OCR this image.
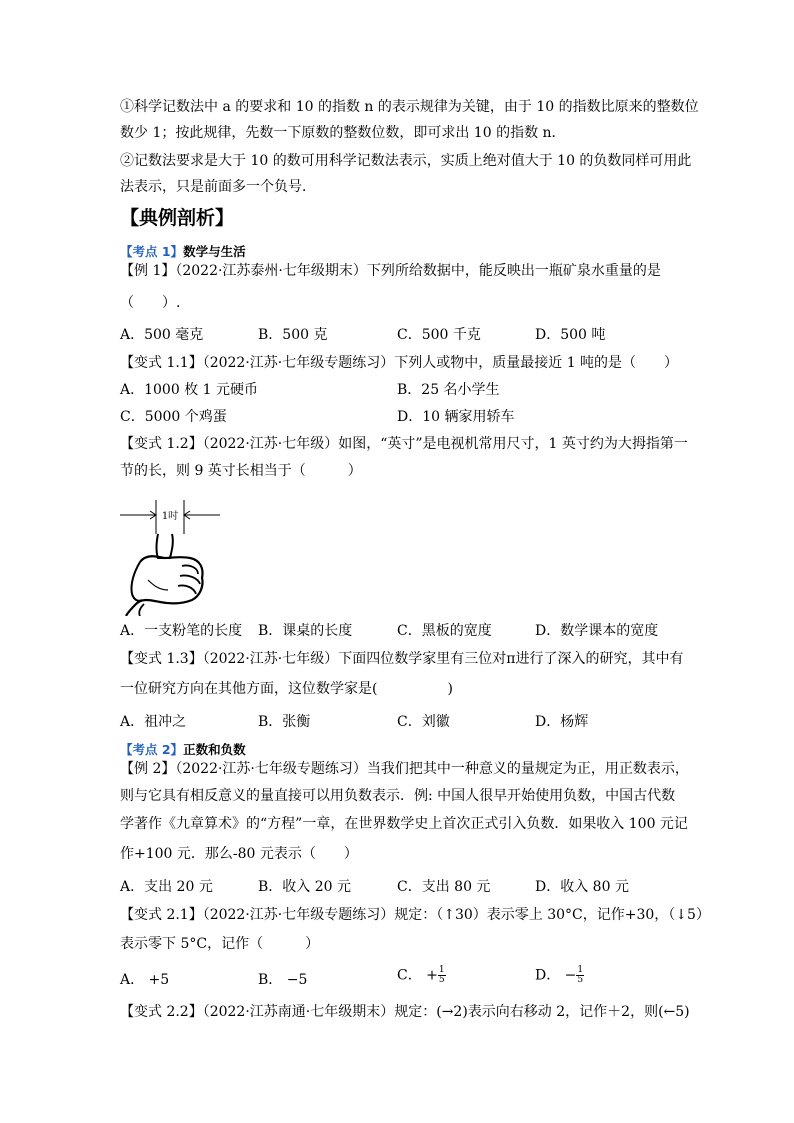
①科学记数法中 a 的要求和 10 的指数 n 的表示规律为关键，由于 10 的指数比原来的整数位
数少 1；按此规律，先数一下原数的整数位数，即可求出 10 的指数 n．
②记数法要求是大于 10 的数可用科学记数法表示，实质上绝对值大于 10 的负数同样可用此
法表示，只是前面多一个负号．
【典例剖析】
【考点 1】数学与生活
【例 1】（2022·江苏泰州·七年级期末）下列所给数据中，能反映出一瓶矿泉水重量的是
（　　）.
A．500 毫克	B．500 克	C．500 千克	D．500 吨
【变式 1.1】（2022·江苏·七年级专题练习）下列人或物中，质量最接近 1 吨的是（　　）
A．1000 枚 1 元硬币	B．25 名小学生
C．5000 个鸡蛋	D．10 辆家用轿车
【变式 1.2】（2022·江苏·七年级）如图，“英寸”是电视机常用尺寸，1 英寸约为大拇指第一
节的长，则 9 英寸长相当于（　　　）
1吋
A．一支粉笔的长度 B．课桌的长度	C．黑板的宽度	D．数学课本的宽度
【变式 1.3】（2022·江苏·七年级）下面四位数学家里有三位对π进行了深入的研究，其中有
一位研究方向在其他方面，这位数学家是(　　　　　)
A．祖冲之	B．张衡	C．刘徽	D．杨辉
【考点 2】正数和负数
【例 2】（2022·江苏·七年级专题练习）当我们把其中一种意义的量规定为正，用正数表示，
则与它具有相反意义的量直接可以用负数表示．例: 中国人很早开始使用负数，中国古代数
学著作《九章算术》的“方程”一章，在世界数学史上首次正式引入负数．如果收入 100 元记
作+100 元．那么-80 元表示（　　）
A．支出 20 元	B．收入 20 元	C．支出 80 元	D．收入 80 元
【变式 2.1】（2022·江苏·七年级专题练习）规定：（↑30）表示零上 30°C，记作+30，（↓5）
表示零下 5°C，记作（　　　）
A． +5	B． −5	C． + $\frac{1}{5}$	D． − $\frac{1}{5}$
【变式 2.2】（2022·江苏南通·七年级期末）规定：(→2)表示向右移动 2，记作＋2，则(←5)
